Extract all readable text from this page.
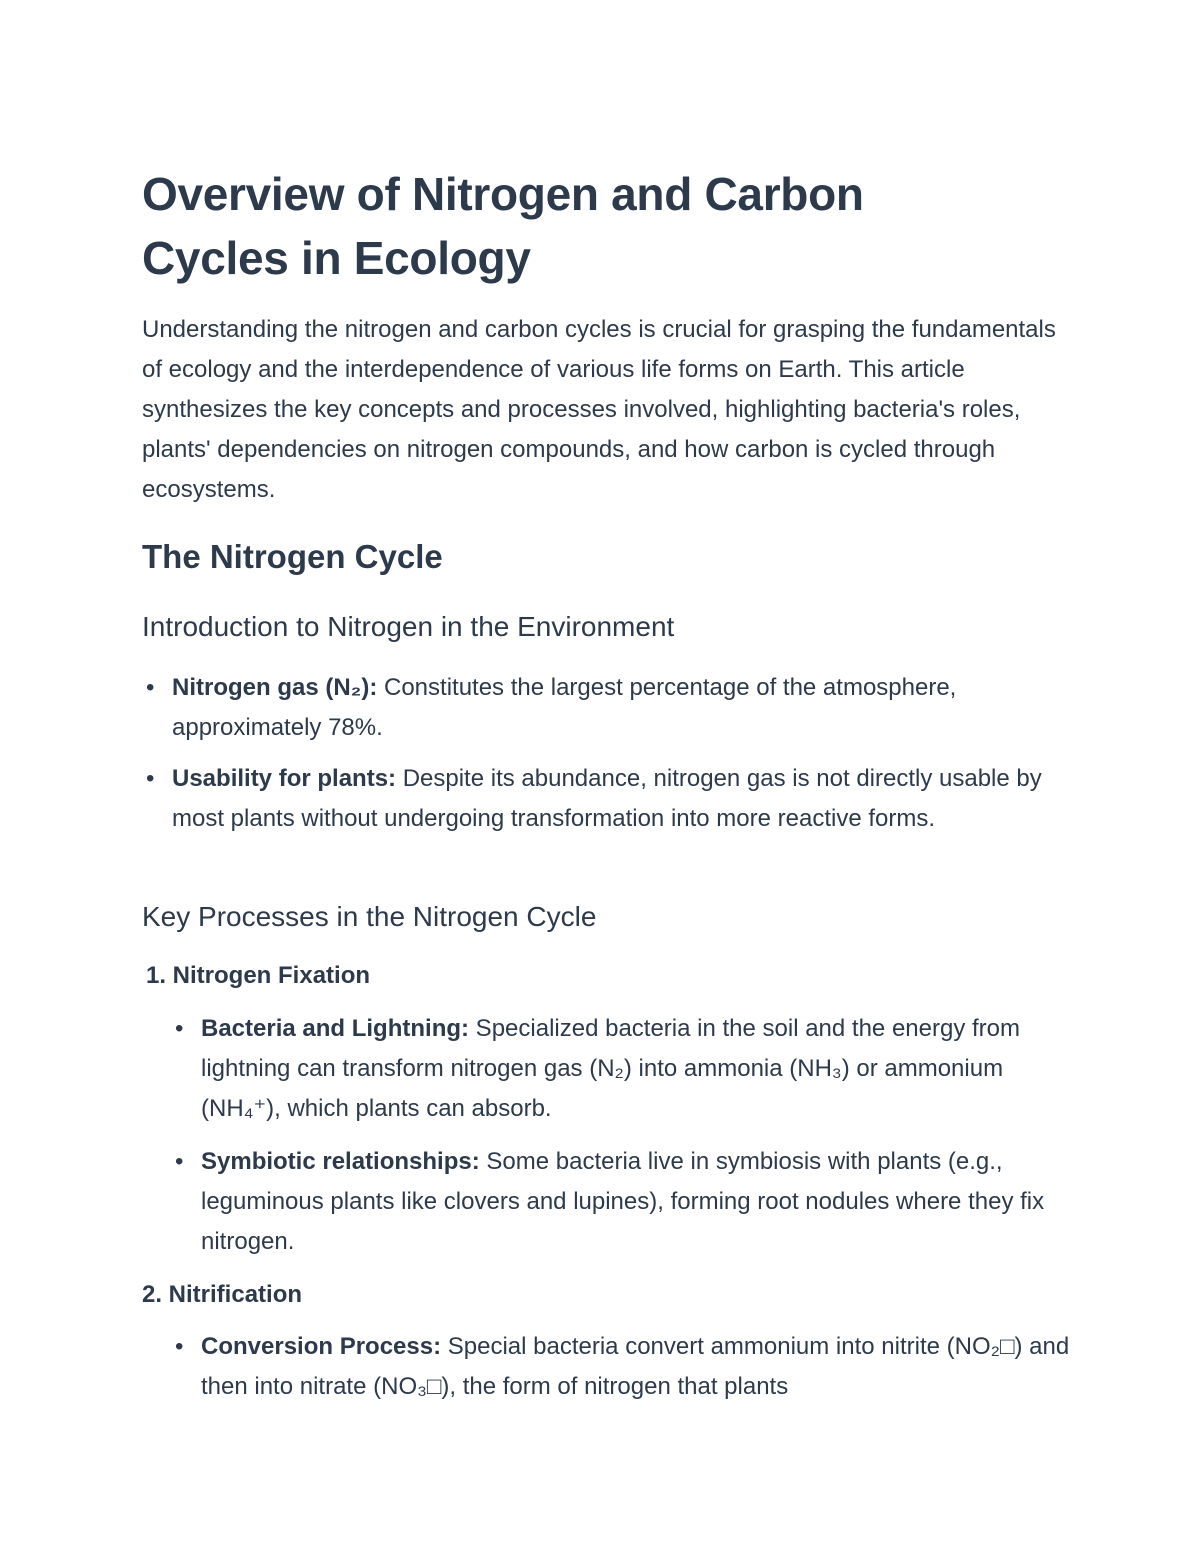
Overview of Nitrogen and Carbon Cycles in Ecology

Understanding the nitrogen and carbon cycles is crucial for grasping the fundamentals of ecology and the interdependence of various life forms on Earth. This article synthesizes the key concepts and processes involved, highlighting bacteria's roles, plants' dependencies on nitrogen compounds, and how carbon is cycled through ecosystems.

The Nitrogen Cycle
Introduction to Nitrogen in the Environment
• Nitrogen gas (N₂): Constitutes the largest percentage of the atmosphere, approximately 78%.
• Usability for plants: Despite its abundance, nitrogen gas is not directly usable by most plants without undergoing transformation into more reactive forms.
Key Processes in the Nitrogen Cycle
1. Nitrogen Fixation
• Bacteria and Lightning: Specialized bacteria in the soil and the energy from lightning can transform nitrogen gas (N₂) into ammonia (NH₃) or ammonium (NH₄⁺), which plants can absorb.
• Symbiotic relationships: Some bacteria live in symbiosis with plants (e.g., leguminous plants like clovers and lupines), forming root nodules where they fix nitrogen.
2. Nitrification
• Conversion Process: Special bacteria convert ammonium into nitrite (NO₂□) and then into nitrate (NO₃□), the form of nitrogen that plants
